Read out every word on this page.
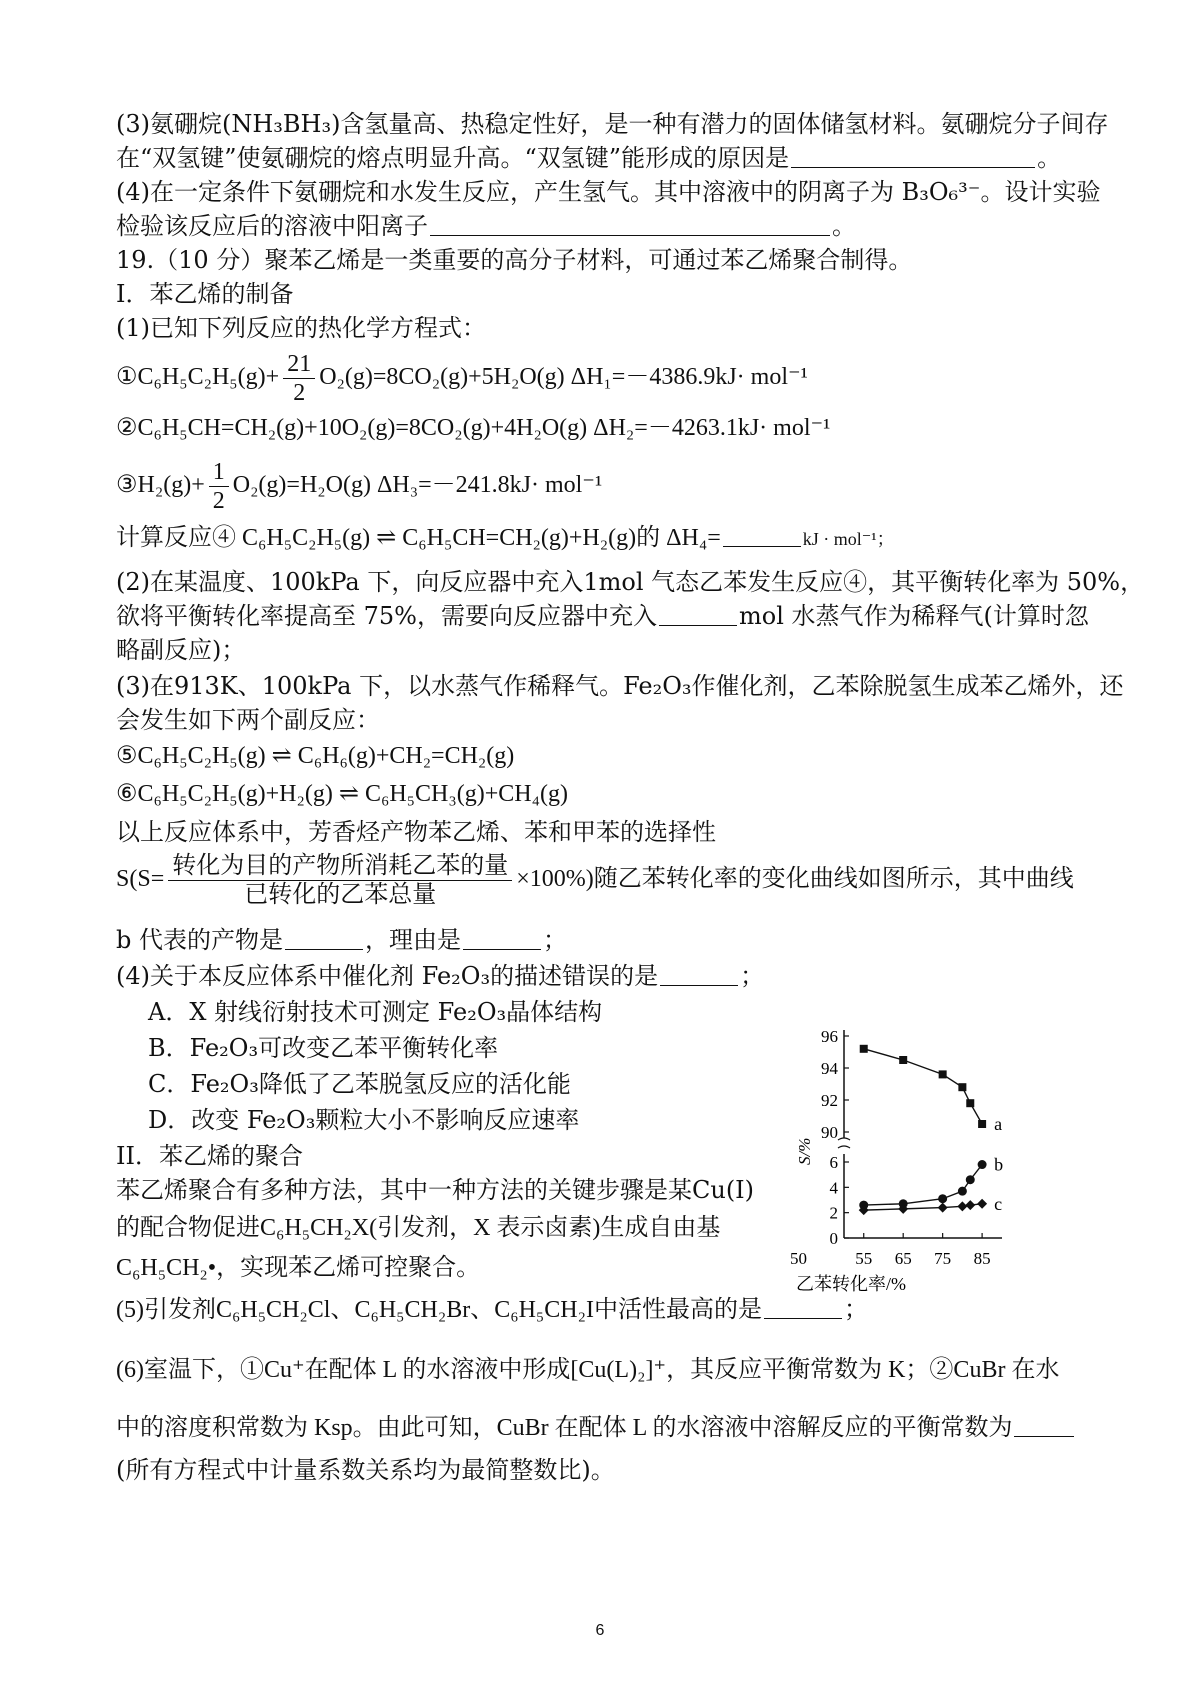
(3)氨硼烷(NH₃BH₃)含氢量高、热稳定性好，是一种有潜力的固体储氢材料。氨硼烷分子间存
在“双氢键”使氨硼烷的熔点明显升高。“双氢键”能形成的原因是	。
(4)在一定条件下氨硼烷和水发生反应，产生氢气。其中溶液中的阴离子为 B₃O₆³⁻。设计实验
检验该反应后的溶液中阳离子	。
19.（10 分）聚苯乙烯是一类重要的高分子材料，可通过苯乙烯聚合制得。
I．苯乙烯的制备
(1)已知下列反应的热化学方程式：
①C₆H₅C₂H₅(g)+ $\frac{21}{2} O_2(g)=8CO_2(g)+5H_2O(g)$ ΔH₁=－4386.9kJ· mol⁻¹
②C₆H₅CH=CH₂(g)+10O₂(g)=8CO₂(g)+4H₂O(g) ΔH₂=－4263.1kJ· mol⁻¹
③H₂(g)+ $\frac{1}{2} O_2(g)=H_2O(g)$ ΔH₃=－241.8kJ· mol⁻¹
计算反应④ C₆H₅C₂H₅(g) ⇌ C₆H₅CH=CH₂(g)+H₂(g)的 ΔH₄=	kJ · mol⁻¹；
(2)在某温度、100kPa 下，向反应器中充入1mol 气态乙苯发生反应④，其平衡转化率为 50%，
欲将平衡转化率提高至 75%，需要向反应器中充入	mol 水蒸气作为稀释气(计算时忽
略副反应)；
(3)在913K、100kPa 下，以水蒸气作稀释气。Fe₂O₃作催化剂，乙苯除脱氢生成苯乙烯外，还
会发生如下两个副反应：
⑤C₆H₅C₂H₅(g) ⇌ C₆H₆(g)+CH₂=CH₂(g)
⑥C₆H₅C₂H₅(g)+H₂(g) ⇌ C₆H₅CH₃(g)+CH₄(g)
以上反应体系中，芳香烃产物苯乙烯、苯和甲苯的选择性
$S(S= \frac{\text{转化为目的产物所消耗乙苯的量}}{\text{已转化的乙苯总量}} \times 100\%)$随乙苯转化率的变化曲线如图所示，其中曲线
b 代表的产物是	，理由是	；
(4)关于本反应体系中催化剂 Fe₂O₃的描述错误的是	；
A．X 射线衍射技术可测定 Fe₂O₃晶体结构
B．Fe₂O₃可改变乙苯平衡转化率
C．Fe₂O₃降低了乙苯脱氢反应的活化能
D．改变 Fe₂O₃颗粒大小不影响反应速率
II．苯乙烯的聚合
苯乙烯聚合有多种方法，其中一种方法的关键步骤是某Cu(I)
的配合物促进C₆H₅CH₂X(引发剂，X 表示卤素)生成自由基
C₆H₅CH₂•，实现苯乙烯可控聚合。
(5)引发剂C₆H₅CH₂Cl、C₆H₅CH₂Br、C₆H₅CH₂I中活性最高的是	；
(6)室温下，①Cu⁺在配体 L 的水溶液中形成[Cu(L)₂]⁺，其反应平衡常数为 K；②CuBr 在水
中的溶度积常数为 Ksp。由此可知，CuBr 在配体 L 的水溶液中溶解反应的平衡常数为
(所有方程式中计量系数关系均为最简整数比)。
6
90
92
94
96
0
2
4
6
50	55 65 75 85
S/%
乙苯转化率/%
a
b
c
